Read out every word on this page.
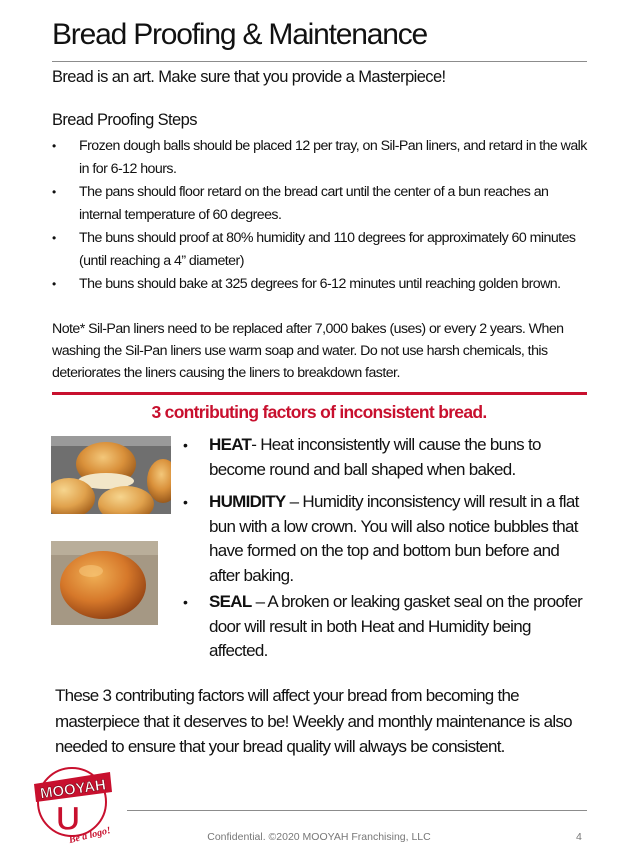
Bread Proofing & Maintenance
Bread is an art. Make sure that you provide a Masterpiece!
Bread Proofing Steps
• Frozen dough balls should be placed 12 per tray, on Sil-Pan liners, and retard in the walk in for 6-12 hours.
• The pans should floor retard on the bread cart until the center of a bun reaches an internal temperature of 60 degrees.
• The buns should proof at 80% humidity and 110 degrees for approximately 60 minutes (until reaching a 4” diameter)
• The buns should bake at 325 degrees for 6-12 minutes until reaching golden brown.
Note* Sil-Pan liners need to be replaced after 7,000 bakes (uses) or every 2 years. When washing the Sil-Pan liners use warm soap and water. Do not use harsh chemicals, this deteriorates the liners causing the liners to breakdown faster.
3 contributing factors of inconsistent bread.
• HEAT- Heat inconsistently will cause the buns to become round and ball shaped when baked.
• HUMIDITY – Humidity inconsistency will result in a flat bun with a low crown. You will also notice bubbles that have formed on the top and bottom bun before and after baking.
• SEAL – A broken or leaking gasket seal on the proofer door will result in both Heat and Humidity being affected.
These 3 contributing factors will affect your bread from becoming the masterpiece that it deserves to be! Weekly and monthly maintenance is also needed to ensure that your bread quality will always be consistent.
MOOYAH
U
Be a logo!	Confidential. ©2020 MOOYAH Franchising, LLC	4
